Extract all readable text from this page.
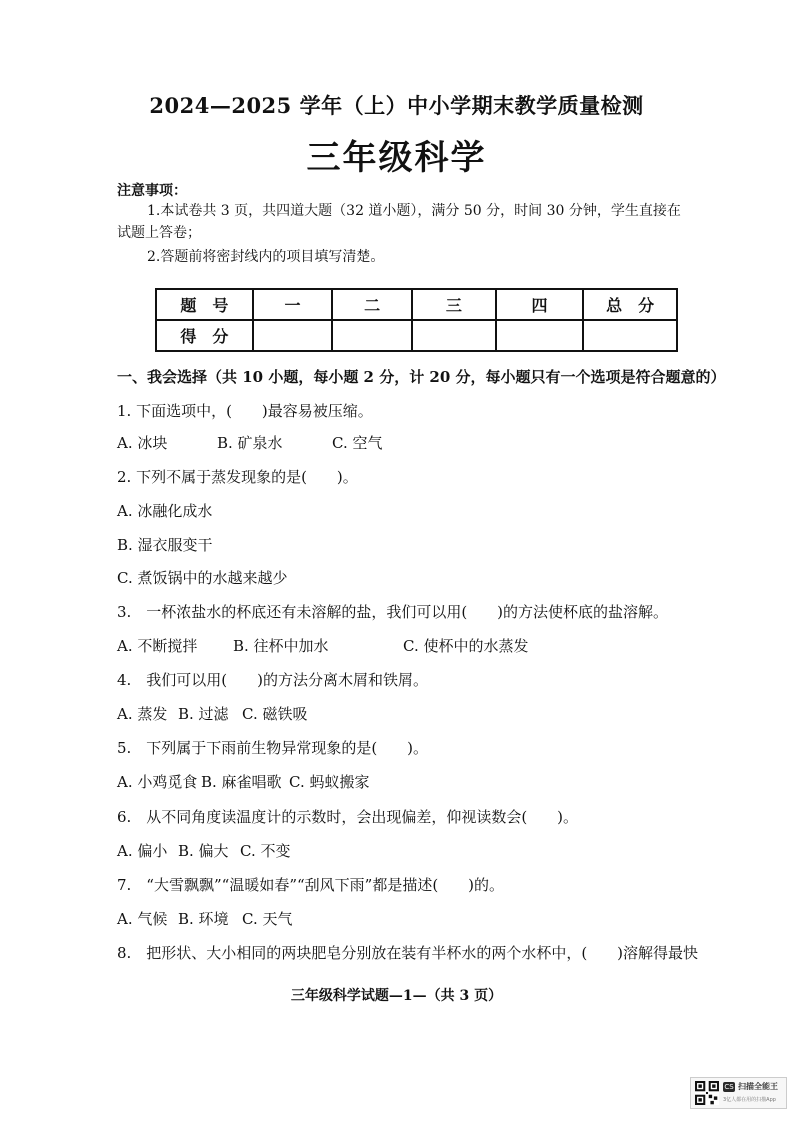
2024—2025 学年（上）中小学期末教学质量检测
三年级科学
注意事项：
1.本试卷共 3 页，共四道大题（32 道小题），满分 50 分，时间 30 分钟，学生直接在
试题上答卷；
2.答题前将密封线内的项目填写清楚。
题　号	一	二	三	四	总　分
得　分					
一、我会选择（共 10 小题，每小题 2 分，计 20 分，每小题只有一个选项是符合题意的）
1. 下面选项中，(　　)最容易被压缩。
A. 冰块	B. 矿泉水	C. 空气
2. 下列不属于蒸发现象的是(　　)。
A. 冰融化成水
B. 湿衣服变干
C. 煮饭锅中的水越来越少
3.　一杯浓盐水的杯底还有未溶解的盐，我们可以用(　　)的方法使杯底的盐溶解。
A. 不断搅拌 B. 往杯中加水	C. 使杯中的水蒸发
4.　我们可以用(　　)的方法分离木屑和铁屑。
A. 蒸发 B. 过滤 C. 磁铁吸
5.　下列属于下雨前生物异常现象的是(　　)。
A. 小鸡觅食 B. 麻雀唱歌 C. 蚂蚁搬家
6.　从不同角度读温度计的示数时，会出现偏差，仰视读数会(　　)。
A. 偏小 B. 偏大 C. 不变
7.　“大雪飘飘”“温暖如春”“刮风下雨”都是描述(　　)的。
A. 气候 B. 环境 C. 天气
8.　把形状、大小相同的两块肥皂分别放在装有半杯水的两个水杯中，(　　)溶解得最快
三年级科学试题—1—（共 3 页）
CS 扫描全能王
3亿人都在用的扫描App
